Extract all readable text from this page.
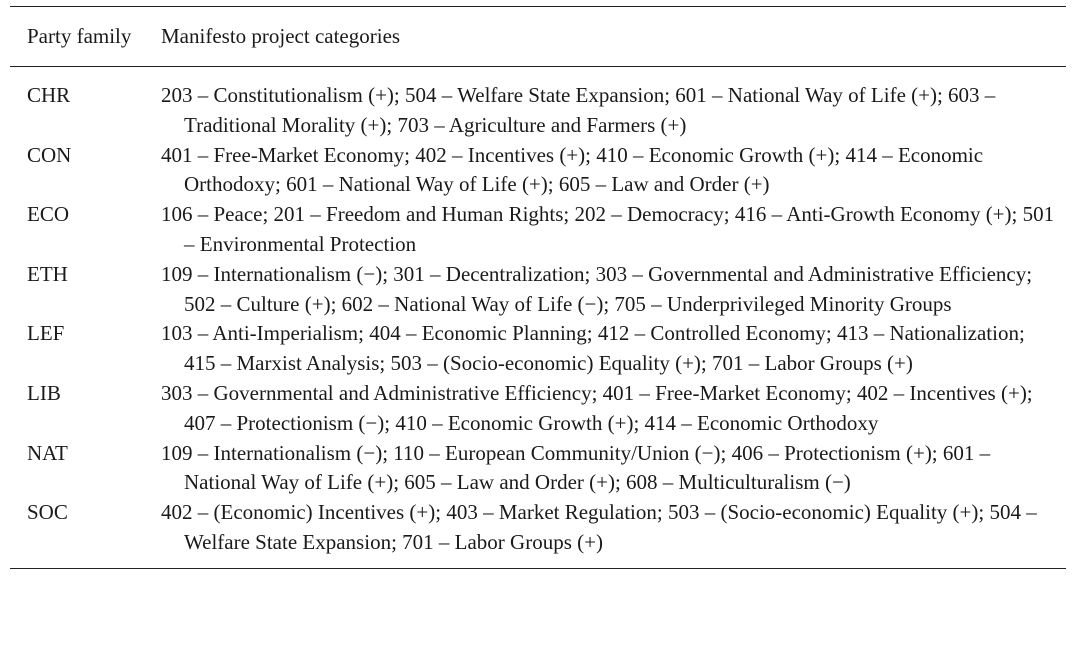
Party family	Manifesto project categories
CHR	203 – Constitutionalism (+); 504 – Welfare State Expansion; 601 – National Way of Life (+); 603 – Traditional Morality (+); 703 – Agriculture and Farmers (+)
CON	401 – Free-Market Economy; 402 – Incentives (+); 410 – Economic Growth (+); 414 – Economic Orthodoxy; 601 – National Way of Life (+); 605 – Law and Order (+)
ECO	106 – Peace; 201 – Freedom and Human Rights; 202 – Democracy; 416 – Anti-Growth Economy (+); 501 – Environmental Protection
ETH	109 – Internationalism (−); 301 – Decentralization; 303 – Governmental and Administrative Efficiency; 502 – Culture (+); 602 – National Way of Life (−); 705 – Underprivileged Minority Groups
LEF	103 – Anti-Imperialism; 404 – Economic Planning; 412 – Controlled Economy; 413 – Nationalization; 415 – Marxist Analysis; 503 – (Socio-economic) Equality (+); 701 – Labor Groups (+)
LIB	303 – Governmental and Administrative Efficiency; 401 – Free-Market Economy; 402 – Incentives (+); 407 – Protectionism (−); 410 – Economic Growth (+); 414 – Economic Orthodoxy
NAT	109 – Internationalism (−); 110 – European Community/Union (−); 406 – Protectionism (+); 601 – National Way of Life (+); 605 – Law and Order (+); 608 – Multiculturalism (−)
SOC	402 – (Economic) Incentives (+); 403 – Market Regulation; 503 – (Socio-economic) Equality (+); 504 – Welfare State Expansion; 701 – Labor Groups (+)
